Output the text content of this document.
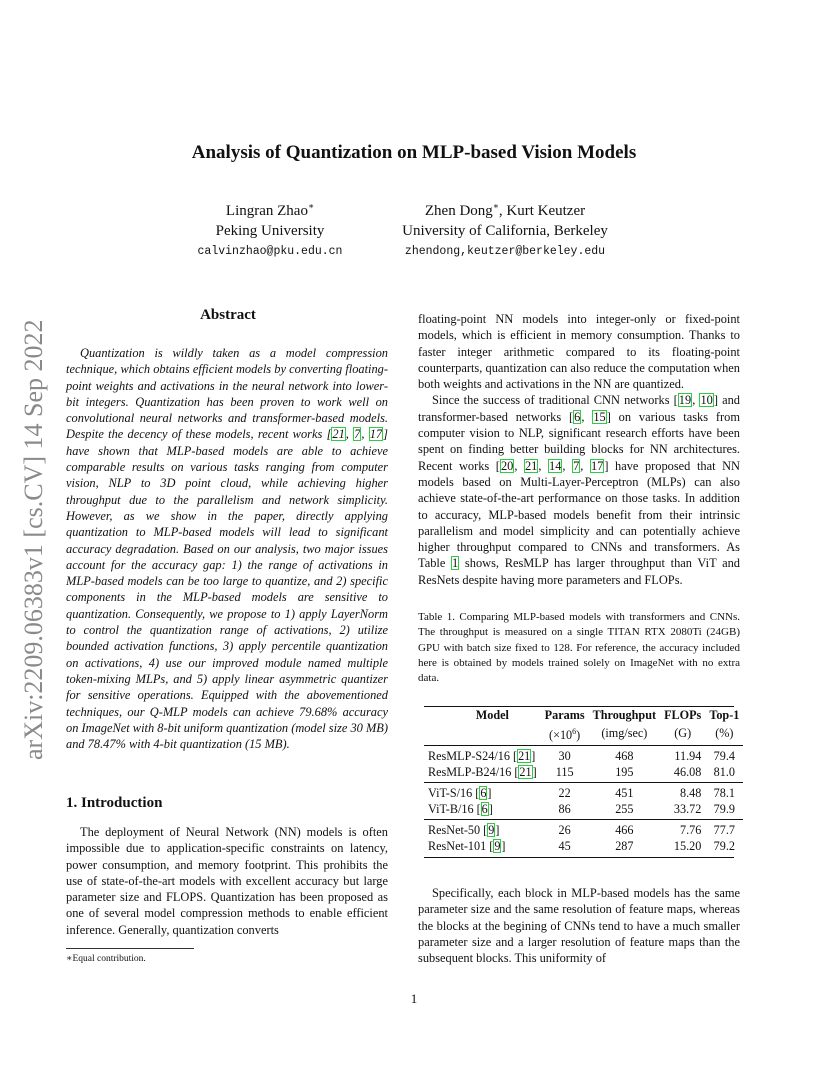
Analysis of Quantization on MLP-based Vision Models
Lingran Zhao∗
Peking University
calvinzhao@pku.edu.cn
Zhen Dong∗, Kurt Keutzer
University of California, Berkeley
zhendong,keutzer@berkeley.edu
arXiv:2209.06383v1 [cs.CV] 14 Sep 2022
Abstract

Quantization is wildly taken as a model compression technique, which obtains efficient models by converting floating-point weights and activations in the neural network into lower-bit integers. Quantization has been proven to work well on convolutional neural networks and transformer-based models. Despite the decency of these models, recent works [21, 7, 17] have shown that MLP-based models are able to achieve comparable results on various tasks ranging from computer vision, NLP to 3D point cloud, while achieving higher throughput due to the parallelism and network simplicity. However, as we show in the paper, directly applying quantization to MLP-based models will lead to significant accuracy degradation. Based on our analysis, two major issues account for the accuracy gap: 1) the range of activations in MLP-based models can be too large to quantize, and 2) specific components in the MLP-based models are sensitive to quantization. Consequently, we propose to 1) apply LayerNorm to control the quantization range of activations, 2) utilize bounded activation functions, 3) apply percentile quantization on activations, 4) use our improved module named multiple token-mixing MLPs, and 5) apply linear asymmetric quantizer for sensitive operations. Equipped with the abovementioned techniques, our Q-MLP models can achieve 79.68% accuracy on ImageNet with 8-bit uniform quantization (model size 30 MB) and 78.47% with 4-bit quantization (15 MB).

1. Introduction

The deployment of Neural Network (NN) models is often impossible due to application-specific constraints on latency, power consumption, and memory footprint. This prohibits the use of state-of-the-art models with excellent accuracy but large parameter size and FLOPS. Quantization has been proposed as one of several model compression methods to enable efficient inference. Generally, quantization converts

∗Equal contribution.

floating-point NN models into integer-only or fixed-point models, which is efficient in memory consumption. Thanks to faster integer arithmetic compared to its floating-point counterparts, quantization can also reduce the computation when both weights and activations in the NN are quantized.

Since the success of traditional CNN networks [19, 10] and transformer-based networks [6, 15] on various tasks from computer vision to NLP, significant research efforts have been spent on finding better building blocks for NN architectures. Recent works [20, 21, 14, 7, 17] have proposed that NN models based on Multi-Layer-Perceptron (MLPs) can also achieve state-of-the-art performance on those tasks. In addition to accuracy, MLP-based models benefit from their intrinsic parallelism and model simplicity and can potentially achieve higher throughput compared to CNNs and transformers. As Table 1 shows, ResMLP has larger throughput than ViT and ResNets despite having more parameters and FLOPs.

Table 1. Comparing MLP-based models with transformers and CNNs. The throughput is measured on a single TITAN RTX 2080Ti (24GB) GPU with batch size fixed to 128. For reference, the accuracy included here is obtained by models trained solely on ImageNet with no extra data.
Model	Params	Throughput	FLOPs	Top-1
	$(\times 10^6)$	(img/sec)	(G)	(%)

ResMLP-S24/16 [21]	30	468	11.94	79.4
ResMLP-B24/16 [21]	115	195	46.08	81.0

ViT-S/16 [6]	22	451	8.48	78.1
ViT-B/16 [6]	86	255	33.72	79.9

ResNet-50 [9]	26	466	7.76	77.7
ResNet-101 [9]	45	287	15.20	79.2

Specifically, each block in MLP-based models has the same parameter size and the same resolution of feature maps, whereas the blocks at the begining of CNNs tend to have a much smaller parameter size and a larger resolution of feature maps than the subsequent blocks. This uniformity of

1
